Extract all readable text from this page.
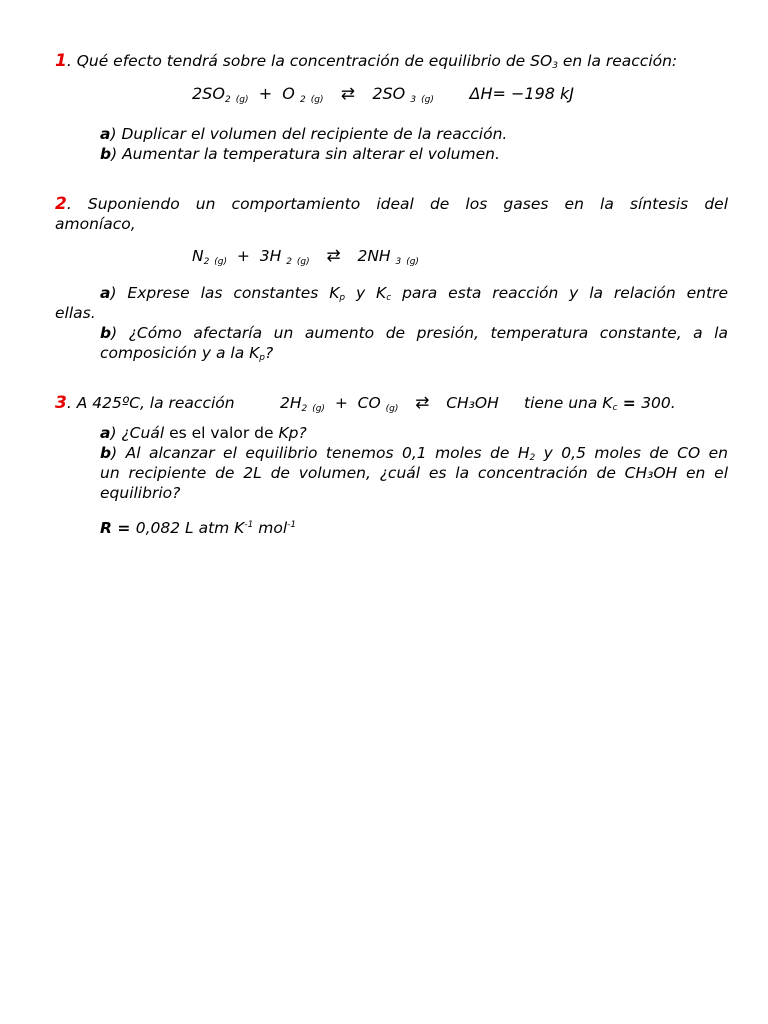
1. Qué efecto tendrá sobre la concentración de equilibrio de $SO_3$ en la reacción:
2SO2 (g) + O 2 (g) ⇄ 2SO 3 (g) ΔH= −198 kJ
a) Duplicar el volumen del recipiente de la reacción.
b) Aumentar la temperatura sin alterar el volumen.
2. Suponiendo un comportamiento ideal de los gases en la síntesis del
amoníaco,
N2 (g) + 3H 2 (g) ⇄ 2NH 3 (g)
a) Exprese las constantes $K_p$ y $K_c$ para esta reacción y la relación entre
ellas.
b) ¿Cómo afectaría un aumento de presión, temperatura constante, a la
composición y a la $K_p$?
3. A 425ºC, la reacción	2H2 (g) + CO (g) ⇄ CH₃OH tiene una $K_c = 300$.
a) ¿Cuál es el valor de Kp?
b) Al alcanzar el equilibrio tenemos 0,1 moles de $H_2$ y 0,5 moles de CO en
un recipiente de 2L de volumen, ¿cuál es la concentración de CH₃OH en el
equilibrio?
R = 0,082 L atm $K^{-1}$ mol$^{-1}$
